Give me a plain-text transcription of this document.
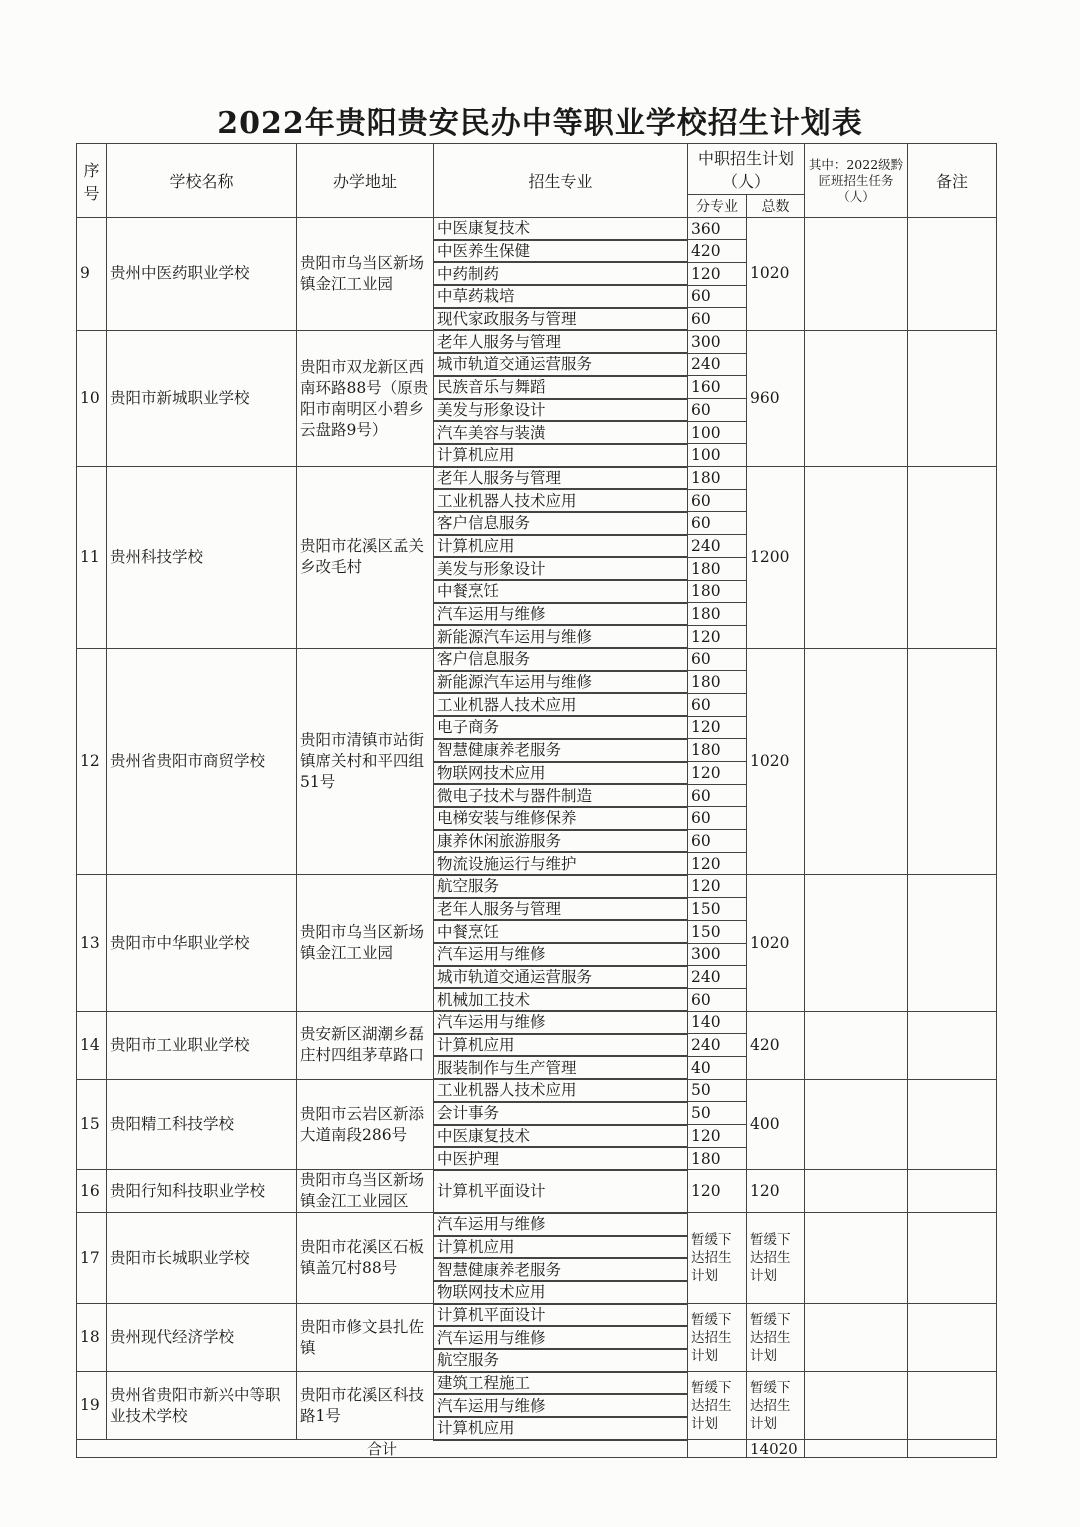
2022年贵阳贵安民办中等职业学校招生计划表
序号	学校名称	办学地址	招生专业	中职招生计划（人）		其中：2022级黔匠班招生任务（人）	备注
				分专业	总数		
9	贵州中医药职业学校	贵阳市乌当区新场镇金江工业园	中医康复技术	360	1020		
			中医养生保健	420			
			中药制药	120			
			中草药栽培	60			
			现代家政服务与管理	60			
10	贵阳市新城职业学校	贵阳市双龙新区西南环路88号（原贵阳市南明区小碧乡云盘路9号）	老年人服务与管理	300	960		
			城市轨道交通运营服务	240			
			民族音乐与舞蹈	160			
			美发与形象设计	60			
			汽车美容与装潢	100			
			计算机应用	100			
11	贵州科技学校	贵阳市花溪区孟关乡改毛村	老年人服务与管理	180	1200		
			工业机器人技术应用	60			
			客户信息服务	60			
			计算机应用	240			
			美发与形象设计	180			
			中餐烹饪	180			
			汽车运用与维修	180			
			新能源汽车运用与维修	120			
12	贵州省贵阳市商贸学校	贵阳市清镇市站街镇席关村和平四组51号	客户信息服务	60	1020		
			新能源汽车运用与维修	180			
			工业机器人技术应用	60			
			电子商务	120			
			智慧健康养老服务	180			
			物联网技术应用	120			
			微电子技术与器件制造	60			
			电梯安装与维修保养	60			
			康养休闲旅游服务	60			
			物流设施运行与维护	120			
13	贵阳市中华职业学校	贵阳市乌当区新场镇金江工业园	航空服务	120	1020		
			老年人服务与管理	150			
			中餐烹饪	150			
			汽车运用与维修	300			
			城市轨道交通运营服务	240			
			机械加工技术	60			
14	贵阳市工业职业学校	贵安新区湖潮乡磊庄村四组茅草路口	汽车运用与维修	140	420		
			计算机应用	240			
			服装制作与生产管理	40			
15	贵阳精工科技学校	贵阳市云岩区新添大道南段286号	工业机器人技术应用	50	400		
			会计事务	50			
			中医康复技术	120			
			中医护理	180			
16	贵阳行知科技职业学校	贵阳市乌当区新场镇金江工业园区	计算机平面设计	120	120		
17	贵阳市长城职业学校	贵阳市花溪区石板镇盖冗村88号	汽车运用与维修	暂缓下达招生计划	暂缓下达招生计划		
			计算机应用				
			智慧健康养老服务				
			物联网技术应用				
18	贵州现代经济学校	贵阳市修文县扎佐镇	计算机平面设计	暂缓下达招生计划	暂缓下达招生计划		
			汽车运用与维修				
			航空服务				
19	贵州省贵阳市新兴中等职业技术学校	贵阳市花溪区科技路1号	建筑工程施工	暂缓下达招生计划	暂缓下达招生计划		
			汽车运用与维修				
			计算机应用				
合计					14020		
